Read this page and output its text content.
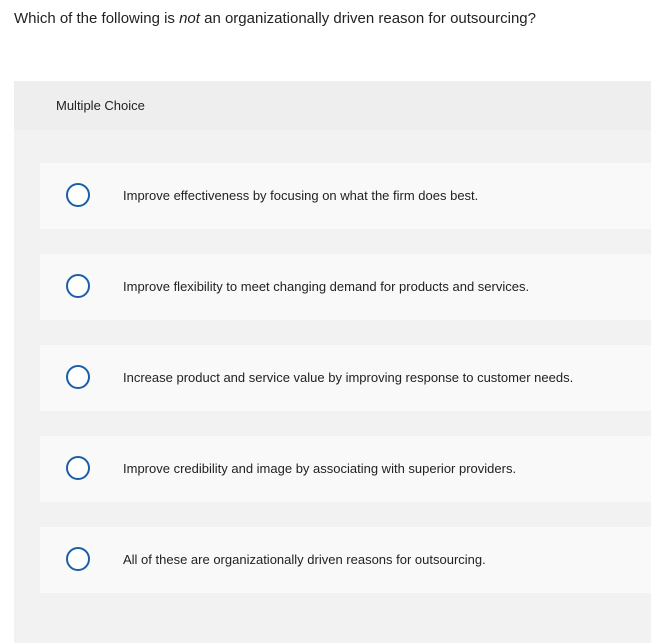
Which of the following is not an organizationally driven reason for outsourcing?
Multiple Choice
Improve effectiveness by focusing on what the firm does best.
Improve flexibility to meet changing demand for products and services.
Increase product and service value by improving response to customer needs.
Improve credibility and image by associating with superior providers.
All of these are organizationally driven reasons for outsourcing.
